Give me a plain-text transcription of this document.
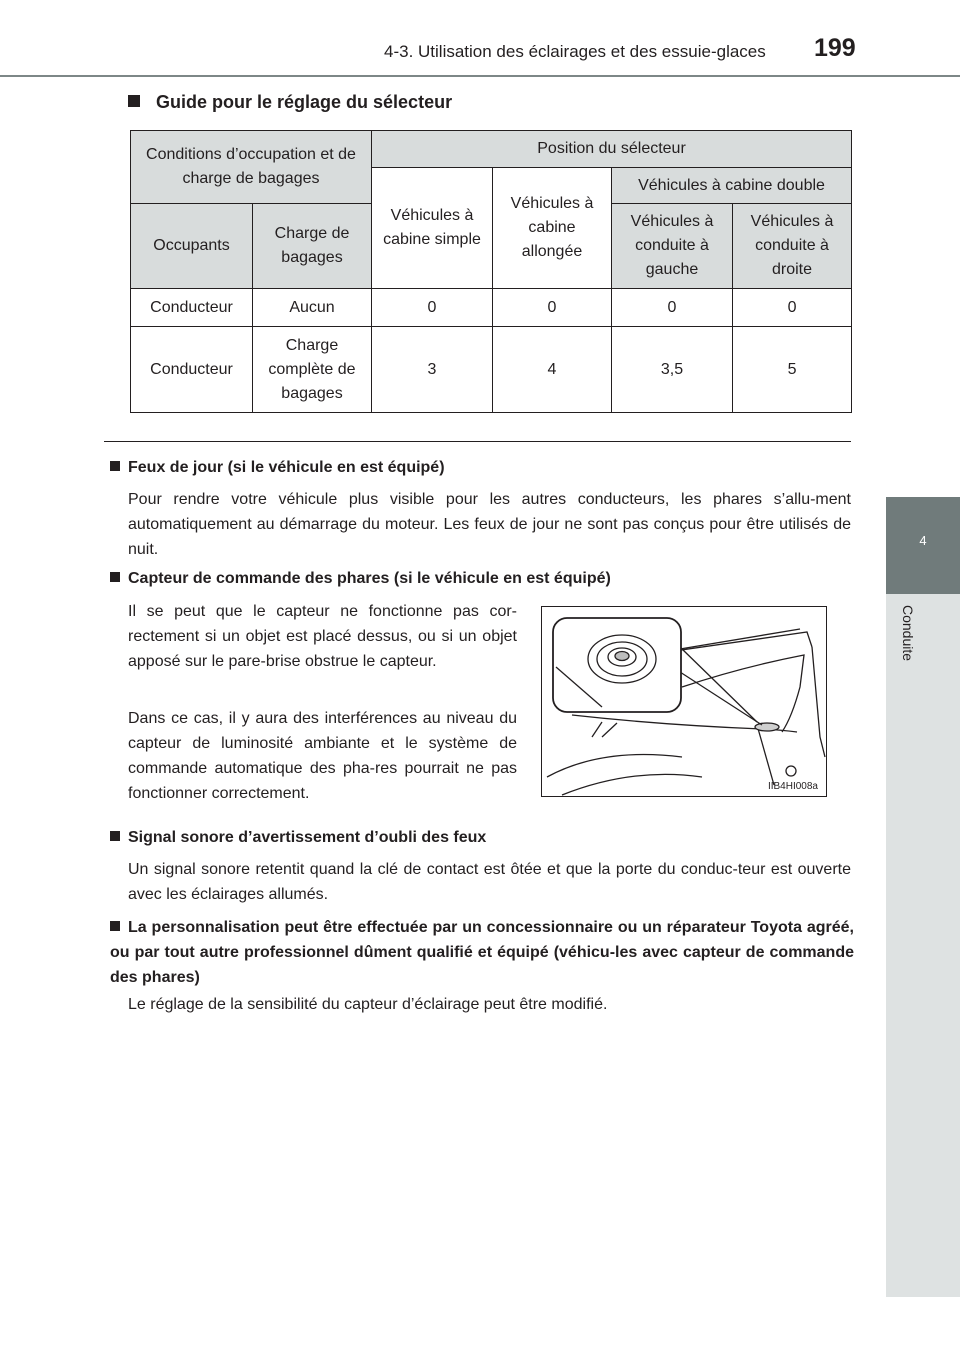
4-3. Utilisation des éclairages et des essuie-glaces 199
4
Conduite
Guide pour le réglage du sélecteur
Conditions d’occupation et de charge de bagages		Position du sélecteur			
		Véhicules à cabine simple	Véhicules à cabine allongée	Véhicules à cabine double	
Occupants	Charge de bagages			Véhicules à conduite à gauche	Véhicules à conduite à droite

Conducteur	Aucun	0	0	0	0
Conducteur	Charge complète de bagages	3	4	3,5	5
Feux de jour (si le véhicule en est équipé)
Pour rendre votre véhicule plus visible pour les autres conducteurs, les phares s’allu-ment automatiquement au démarrage du moteur. Les feux de jour ne sont pas conçus pour être utilisés de nuit.
Capteur de commande des phares (si le véhicule en est équipé)
Il se peut que le capteur ne fonctionne pas cor-rectement si un objet est placé dessus, ou si un objet apposé sur le pare-brise obstrue le capteur.
Dans ce cas, il y aura des interférences au niveau du capteur de luminosité ambiante et le système de commande automatique des pha-res pourrait ne pas fonctionner correctement.	IIB4HI008a
Signal sonore d’avertissement d’oubli des feux
Un signal sonore retentit quand la clé de contact est ôtée et que la porte du conduc-teur est ouverte avec les éclairages allumés.
La personnalisation peut être effectuée par un concessionnaire ou un réparateur Toyota agréé, ou par tout autre professionnel dûment qualifié et équipé (véhicu-les avec capteur de commande des phares)
Le réglage de la sensibilité du capteur d’éclairage peut être modifié.
